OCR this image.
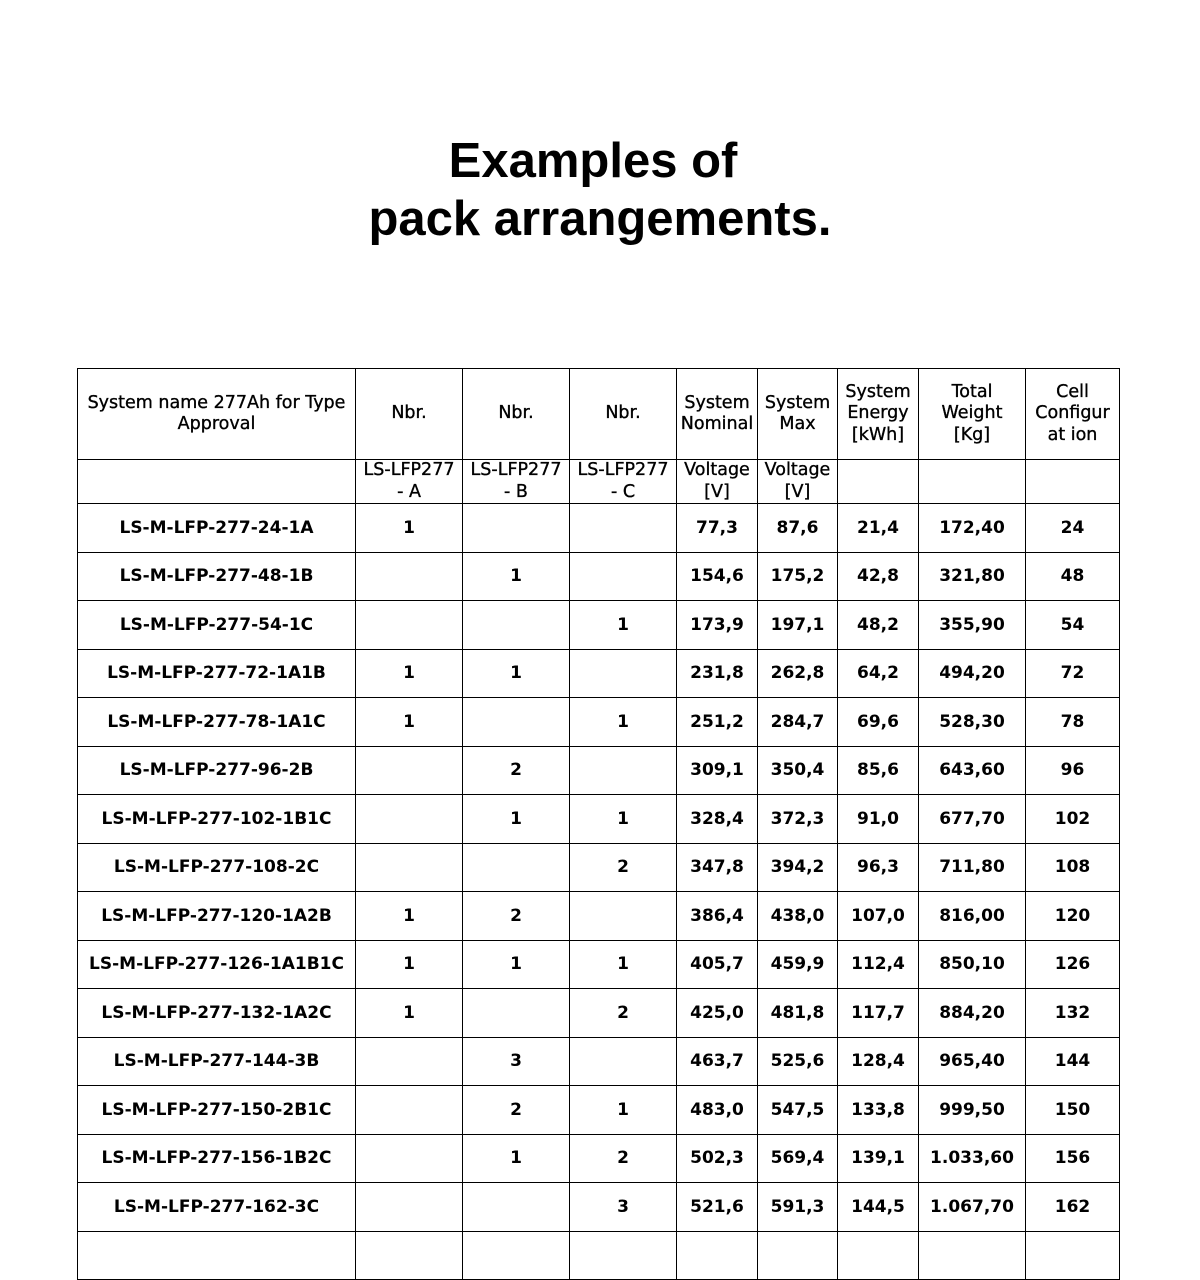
Examples of
pack arrangements.
System name 277Ah for Type Approval	Nbr.	Nbr.	Nbr.	System Nominal	System Max	System Energy [kWh]	Total Weight [Kg]	Cell Configur at ion
	LS-LFP277 - A	LS-LFP277 - B	LS-LFP277 - C	Voltage [V]	Voltage [V]			
LS-M-LFP-277-24-1A	1			77,3	87,6	21,4	172,40	24
LS-M-LFP-277-48-1B		1		154,6	175,2	42,8	321,80	48
LS-M-LFP-277-54-1C			1	173,9	197,1	48,2	355,90	54
LS-M-LFP-277-72-1A1B	1	1		231,8	262,8	64,2	494,20	72
LS-M-LFP-277-78-1A1C	1		1	251,2	284,7	69,6	528,30	78
LS-M-LFP-277-96-2B		2		309,1	350,4	85,6	643,60	96
LS-M-LFP-277-102-1B1C		1	1	328,4	372,3	91,0	677,70	102
LS-M-LFP-277-108-2C			2	347,8	394,2	96,3	711,80	108
LS-M-LFP-277-120-1A2B	1	2		386,4	438,0	107,0	816,00	120
LS-M-LFP-277-126-1A1B1C	1	1	1	405,7	459,9	112,4	850,10	126
LS-M-LFP-277-132-1A2C	1		2	425,0	481,8	117,7	884,20	132
LS-M-LFP-277-144-3B		3		463,7	525,6	128,4	965,40	144
LS-M-LFP-277-150-2B1C		2	1	483,0	547,5	133,8	999,50	150
LS-M-LFP-277-156-1B2C		1	2	502,3	569,4	139,1	1.033,60	156
LS-M-LFP-277-162-3C			3	521,6	591,3	144,5	1.067,70	162
